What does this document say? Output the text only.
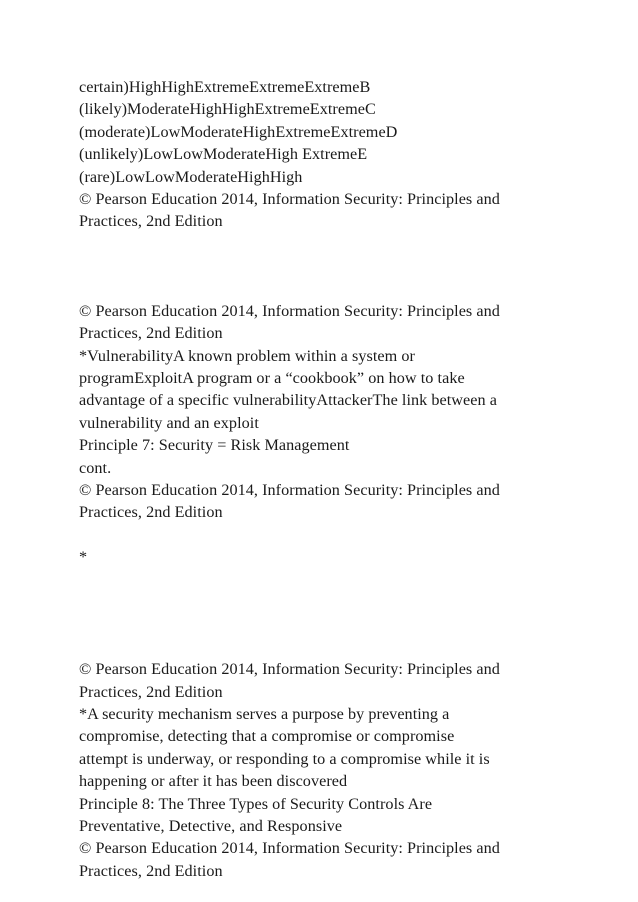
certain)HighHighExtremeExtremeExtremeB
(likely)ModerateHighHighExtremeExtremeC
(moderate)LowModerateHighExtremeExtremeD
(unlikely)LowLowModerateHigh ExtremeE
(rare)LowLowModerateHighHigh
© Pearson Education 2014, Information Security: Principles and
Practices, 2nd Edition
© Pearson Education 2014, Information Security: Principles and
Practices, 2nd Edition
*VulnerabilityA known problem within a system or
programExploitA program or a “cookbook” on how to take
advantage of a specific vulnerabilityAttackerThe link between a
vulnerability and an exploit
Principle 7: Security = Risk Management
cont.
© Pearson Education 2014, Information Security: Principles and
Practices, 2nd Edition
*
© Pearson Education 2014, Information Security: Principles and
Practices, 2nd Edition
*A security mechanism serves a purpose by preventing a
compromise, detecting that a compromise or compromise
attempt is underway, or responding to a compromise while it is
happening or after it has been discovered
Principle 8: The Three Types of Security Controls Are
Preventative, Detective, and Responsive
© Pearson Education 2014, Information Security: Principles and
Practices, 2nd Edition
